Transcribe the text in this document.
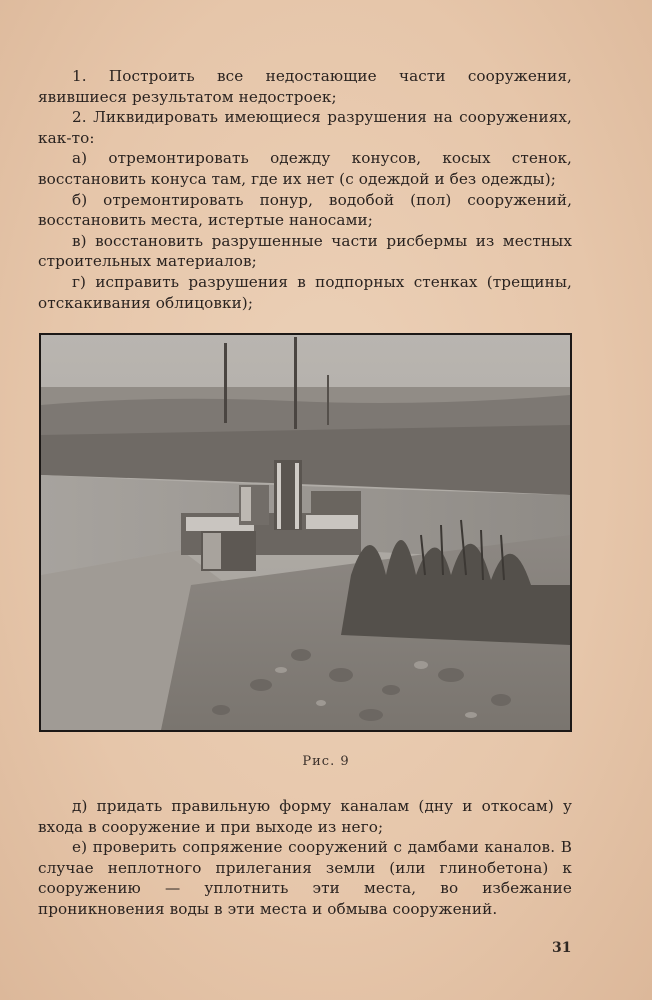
1. Построить все недостающие части сооружения, явившиеся результатом недостроек;

2. Ликвидировать имеющиеся разрушения на сооружениях, как-то:

а) отремонтировать одежду конусов, косых стенок, восстановить конуса там, где их нет (с одеждой и без одежды);

б) отремонтировать понур, водобой (пол) сооружений, восстановить места, истертые наносами;

в) восстановить разрушенные части рисбермы из местных строительных материалов;

г) исправить разрушения в подпорных стенках (трещины, отскакивания облицовки);

Рис. 9

д) придать правильную форму каналам (дну и откосам) у входа в сооружение и при выходе из него;

е) проверить сопряжение сооружений с дамбами каналов. В случае неплотного прилегания земли (или глинобетона) к сооружению — уплотнить эти места, во избежание проникновения воды в эти места и обмыва сооружений.

31
